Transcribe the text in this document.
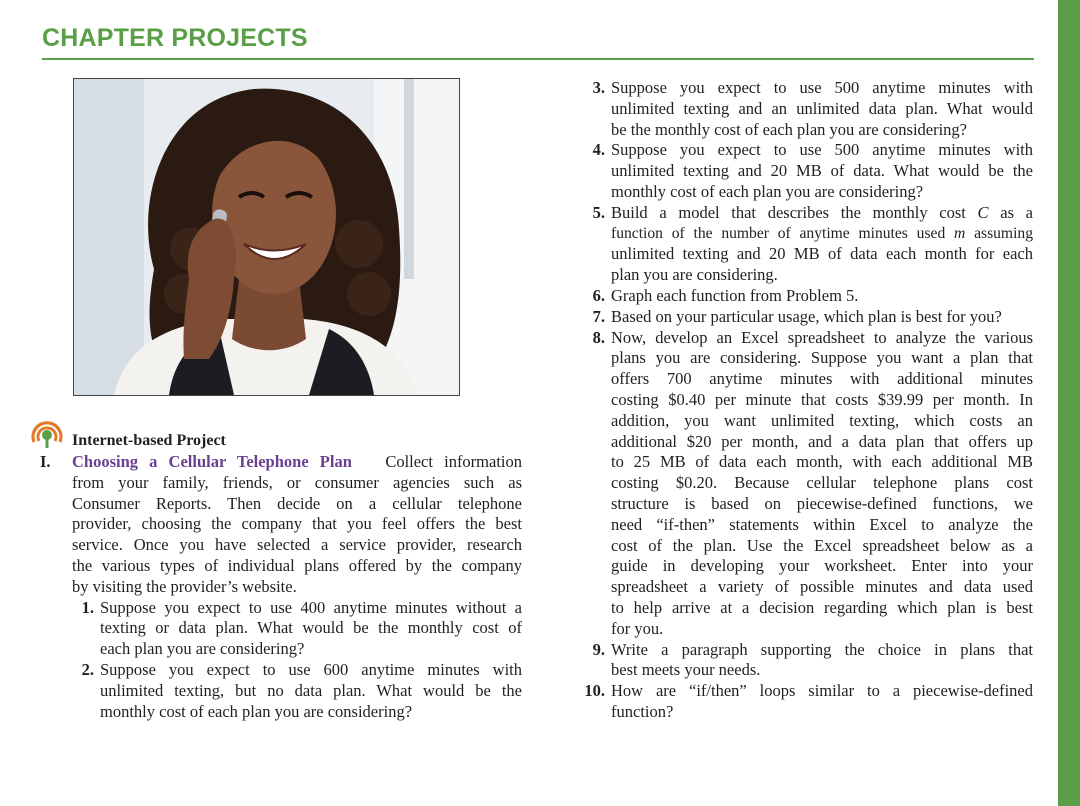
CHAPTER PROJECTS

Internet-based Project

I. Choosing a Cellular Telephone Plan Collect information

from your family, friends, or consumer agencies such as

Consumer Reports. Then decide on a cellular telephone

provider, choosing the company that you feel offers the best

service. Once you have selected a service provider, research

the various types of individual plans offered by the company

by visiting the provider’s website.

1. Suppose you expect to use 400 anytime minutes without a

texting or data plan. What would be the monthly cost of

each plan you are considering?

2. Suppose you expect to use 600 anytime minutes with

unlimited texting, but no data plan. What would be the

monthly cost of each plan you are considering?

3. Suppose you expect to use 500 anytime minutes with

unlimited texting and an unlimited data plan. What would

be the monthly cost of each plan you are considering?

4. Suppose you expect to use 500 anytime minutes with

unlimited texting and 20 MB of data. What would be the

monthly cost of each plan you are considering?

5. Build a model that describes the monthly cost C as a

function of the number of anytime minutes used m assuming

unlimited texting and 20 MB of data each month for each

plan you are considering.

6. Graph each function from Problem 5.

7. Based on your particular usage, which plan is best for you?

8. Now, develop an Excel spreadsheet to analyze the various

plans you are considering. Suppose you want a plan that

offers 700 anytime minutes with additional minutes

costing $0.40 per minute that costs $39.99 per month. In

addition, you want unlimited texting, which costs an

additional $20 per month, and a data plan that offers up

to 25 MB of data each month, with each additional MB

costing $0.20. Because cellular telephone plans cost

structure is based on piecewise-defined functions, we

need “if-then” statements within Excel to analyze the

cost of the plan. Use the Excel spreadsheet below as a

guide in developing your worksheet. Enter into your

spreadsheet a variety of possible minutes and data used

to help arrive at a decision regarding which plan is best

for you.

9. Write a paragraph supporting the choice in plans that

best meets your needs.

10. How are “if/then” loops similar to a piecewise-defined

function?
